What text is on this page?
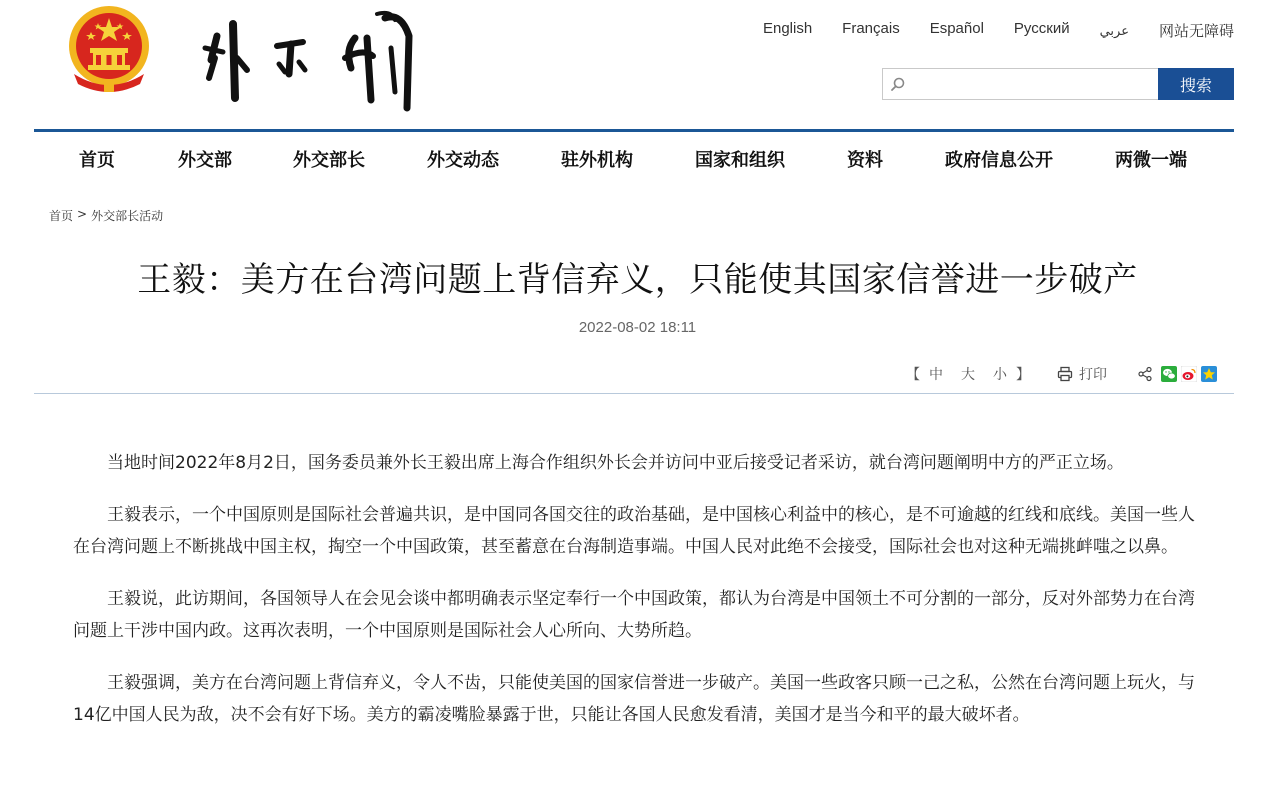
English Français Español Русский عربي 网站无障碍
搜索
首页	外交部	外交部长	外交动态	驻外机构	国家和组织	资料	政府信息公开	两微一端
首页 > 外交部长活动
王毅：美方在台湾问题上背信弃义，只能使其国家信誉进一步破产
2022-08-02 18:11
【 中 大 小 】	打印

当地时间2022年8月2日，国务委员兼外长王毅出席上海合作组织外长会并访问中亚后接受记者采访，就台湾问题阐明中方的严正立场。

王毅表示，一个中国原则是国际社会普遍共识，是中国同各国交往的政治基础，是中国核心利益中的核心，是不可逾越的红线和底线。美国一些人在台湾问题上不断挑战中国主权，掏空一个中国政策，甚至蓄意在台海制造事端。中国人民对此绝不会接受，国际社会也对这种无端挑衅嗤之以鼻。

王毅说，此访期间，各国领导人在会见会谈中都明确表示坚定奉行一个中国政策，都认为台湾是中国领土不可分割的一部分，反对外部势力在台湾问题上干涉中国内政。这再次表明，一个中国原则是国际社会人心所向、大势所趋。

王毅强调，美方在台湾问题上背信弃义，令人不齿，只能使美国的国家信誉进一步破产。美国一些政客只顾一己之私，公然在台湾问题上玩火，与14亿中国人民为敌，决不会有好下场。美方的霸凌嘴脸暴露于世，只能让各国人民愈发看清，美国才是当今和平的最大破坏者。
